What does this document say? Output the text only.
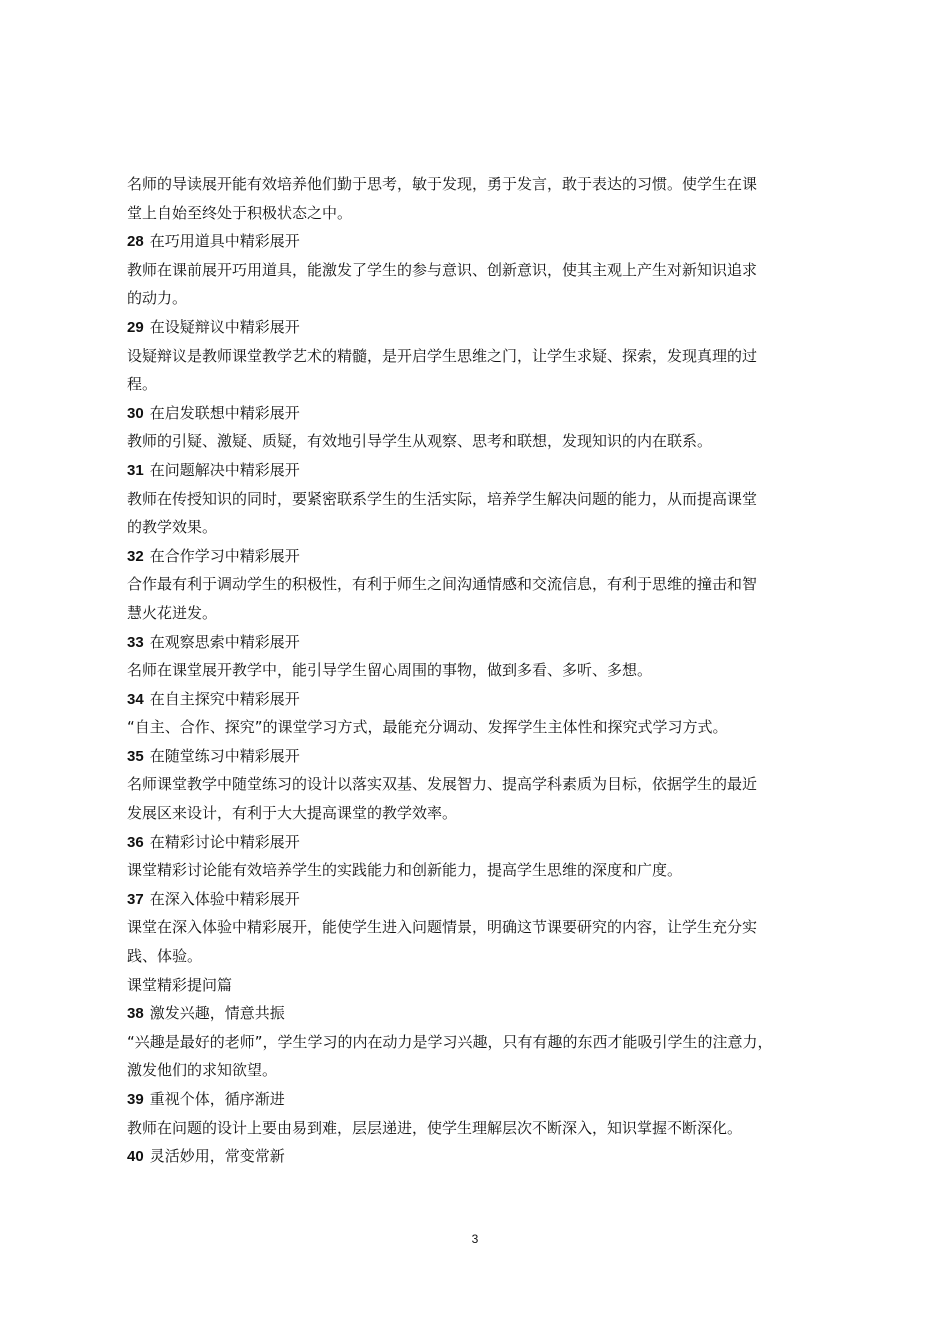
名师的导读展开能有效培养他们勤于思考，敏于发现，勇于发言，敢于表达的习惯。使学生在课
堂上自始至终处于积极状态之中。
28 在巧用道具中精彩展开
教师在课前展开巧用道具，能激发了学生的参与意识、创新意识，使其主观上产生对新知识追求
的动力。
29 在设疑辩议中精彩展开
设疑辩议是教师课堂教学艺术的精髓，是开启学生思维之门，让学生求疑、探索，发现真理的过
程。
30 在启发联想中精彩展开
教师的引疑、激疑、质疑，有效地引导学生从观察、思考和联想，发现知识的内在联系。
31 在问题解决中精彩展开
教师在传授知识的同时，要紧密联系学生的生活实际，培养学生解决问题的能力，从而提高课堂
的教学效果。
32 在合作学习中精彩展开
合作最有利于调动学生的积极性，有利于师生之间沟通情感和交流信息，有利于思维的撞击和智
慧火花迸发。
33 在观察思索中精彩展开
名师在课堂展开教学中，能引导学生留心周围的事物，做到多看、多听、多想。
34 在自主探究中精彩展开
“自主、合作、探究”的课堂学习方式，最能充分调动、发挥学生主体性和探究式学习方式。
35 在随堂练习中精彩展开
名师课堂教学中随堂练习的设计以落实双基、发展智力、提高学科素质为目标，依据学生的最近
发展区来设计，有利于大大提高课堂的教学效率。
36 在精彩讨论中精彩展开
课堂精彩讨论能有效培养学生的实践能力和创新能力，提高学生思维的深度和广度。
37 在深入体验中精彩展开
课堂在深入体验中精彩展开，能使学生进入问题情景，明确这节课要研究的内容，让学生充分实
践、体验。
课堂精彩提问篇
38 激发兴趣，情意共振
“兴趣是最好的老师”，学生学习的内在动力是学习兴趣，只有有趣的东西才能吸引学生的注意力，
激发他们的求知欲望。
39 重视个体，循序渐进
教师在问题的设计上要由易到难，层层递进，使学生理解层次不断深入，知识掌握不断深化。
40 灵活妙用，常变常新
3
